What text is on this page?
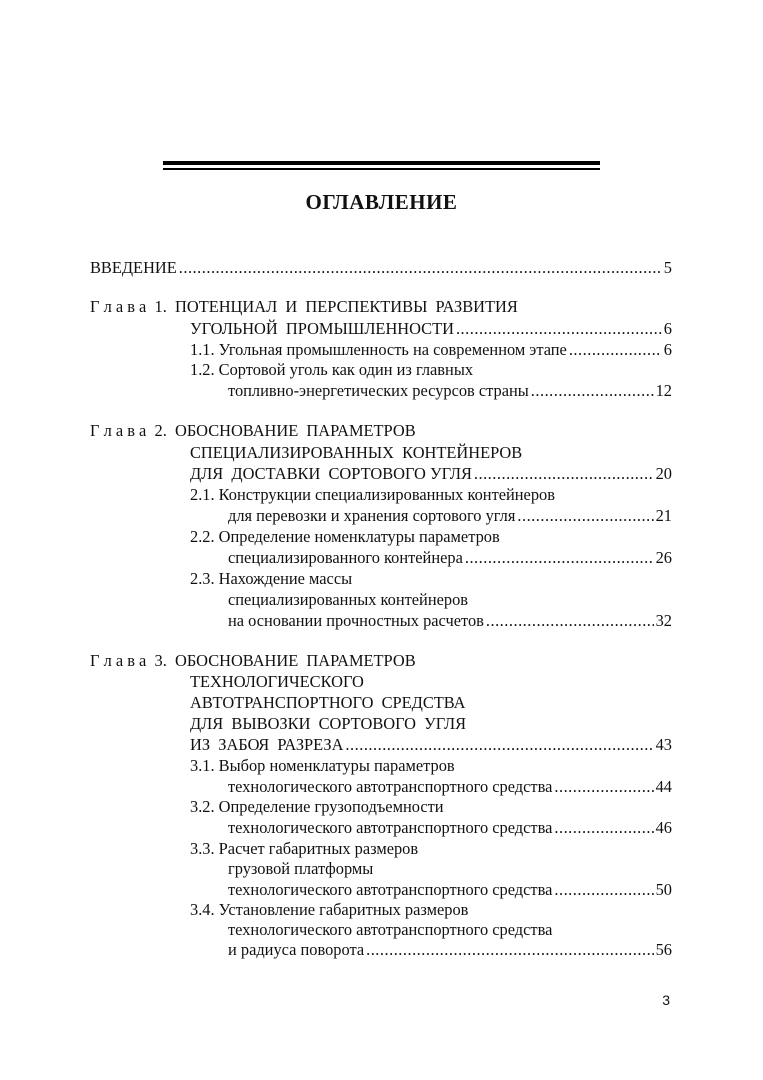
ОГЛАВЛЕНИЕ
ВВЕДЕНИЕ .....	5
Г л а в а  1.  ПОТЕНЦИАЛ  И  ПЕРСПЕКТИВЫ  РАЗВИТИЯ
УГОЛЬНОЙ  ПРОМЫШЛЕННОСТИ .....	6
1.1. Угольная промышленность на современном этапе .....	6
1.2. Сортовой уголь как один из главных
топливно-энергетических ресурсов страны .....	12
Г л а в а  2.  ОБОСНОВАНИЕ  ПАРАМЕТРОВ
СПЕЦИАЛИЗИРОВАННЫХ  КОНТЕЙНЕРОВ
ДЛЯ  ДОСТАВКИ  СОРТОВОГО УГЛЯ .....	20
2.1. Конструкции специализированных контейнеров
для перевозки и хранения сортового угля .....	21
2.2. Определение номенклатуры параметров
специализированного контейнера .....	26
2.3. Нахождение массы
специализированных контейнеров
на основании прочностных расчетов .....	32
Г л а в а  3.  ОБОСНОВАНИЕ  ПАРАМЕТРОВ
ТЕХНОЛОГИЧЕСКОГО
АВТОТРАНСПОРТНОГО  СРЕДСТВА
ДЛЯ  ВЫВОЗКИ  СОРТОВОГО  УГЛЯ
ИЗ  ЗАБОЯ  РАЗРЕЗА .....	43
3.1. Выбор номенклатуры параметров
технологического автотранспортного средства .....	44
3.2. Определение грузоподъемности
технологического автотранспортного средства .....	46
3.3. Расчет габаритных размеров
грузовой платформы
технологического автотранспортного средства .....	50
3.4. Установление габаритных размеров
технологического автотранспортного средства
и радиуса поворота .....	56
3
